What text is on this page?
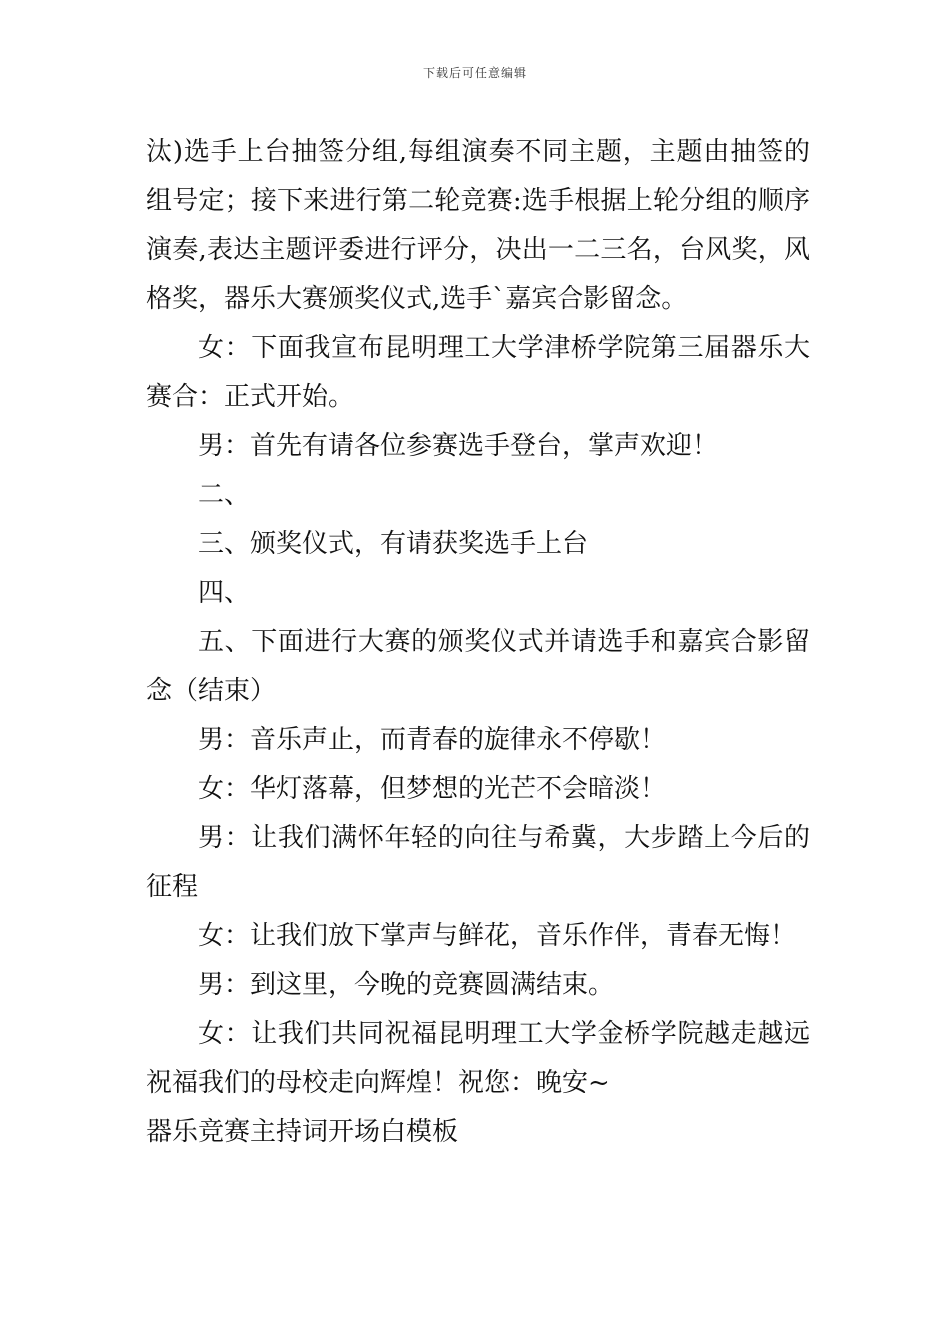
下载后可任意编辑

汰)选手上台抽签分组,每组演奏不同主题，主题由抽签的组号定；接下来进行第二轮竞赛:选手根据上轮分组的顺序演奏,表达主题评委进行评分，决出一二三名，台风奖，风格奖，器乐大赛颁奖仪式,选手`嘉宾合影留念。

女：下面我宣布昆明理工大学津桥学院第三届器乐大赛合：正式开始。

男：首先有请各位参赛选手登台，掌声欢迎！

二、

三、颁奖仪式，有请获奖选手上台

四、

五、下面进行大赛的颁奖仪式并请选手和嘉宾合影留念（结束）

男：音乐声止，而青春的旋律永不停歇！

女：华灯落幕，但梦想的光芒不会暗淡！

男：让我们满怀年轻的向往与希冀，大步踏上今后的征程

女：让我们放下掌声与鲜花，音乐作伴，青春无悔！

男：到这里，今晚的竞赛圆满结束。

女：让我们共同祝福昆明理工大学金桥学院越走越远祝福我们的母校走向辉煌！祝您：晚安~

器乐竞赛主持词开场白模板
